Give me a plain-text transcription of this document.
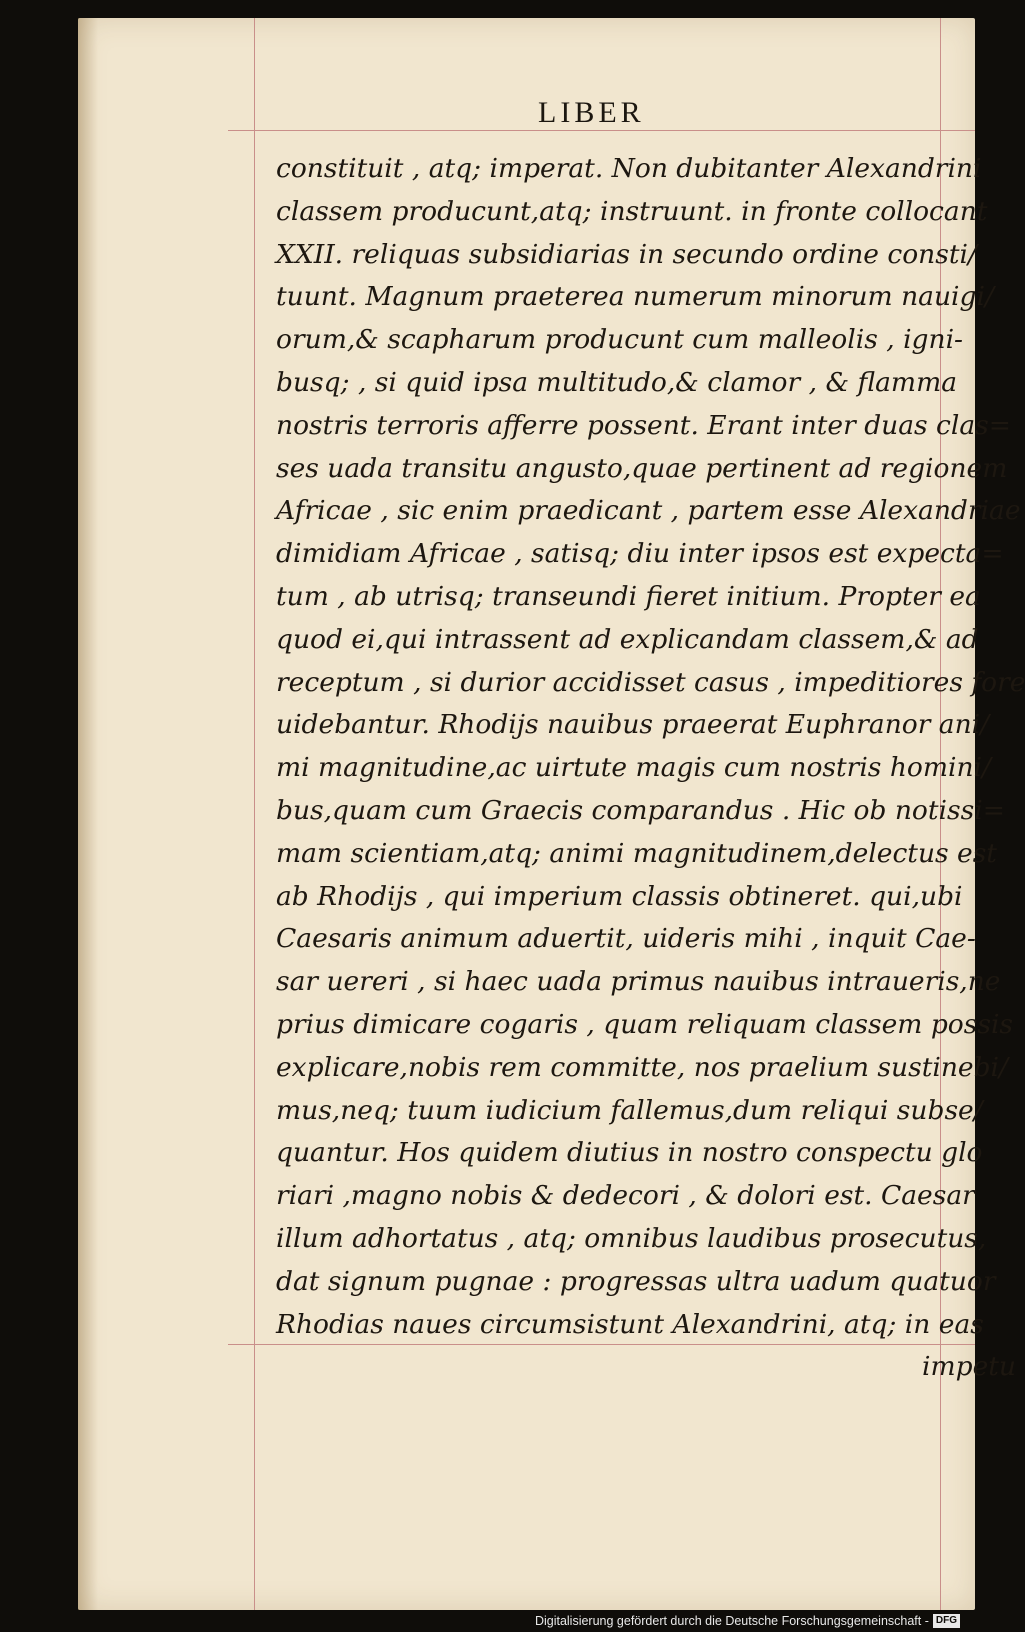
LIBER
constituit , atq; imperat. Non dubitanter Alexandrini
classem producunt,atq; instruunt. in fronte collocant
XXII. reliquas subsidiarias in secundo ordine consti/
tuunt. Magnum praeterea numerum minorum nauigi/
orum,& scapharum producunt cum malleolis , igni-
busq; , si quid ipsa multitudo,& clamor , & flamma
nostris terroris afferre possent. Erant inter duas clas=
ses uada transitu angusto,quae pertinent ad regionem
Africae , sic enim praedicant , partem esse Alexandriae
dimidiam Africae , satisq; diu inter ipsos est expecta=
tum , ab utrisq; transeundi fieret initium. Propter ea
quod ei,qui intrassent ad explicandam classem,& ad
receptum , si durior accidisset casus , impeditiores fore
uidebantur. Rhodijs nauibus praeerat Euphranor ani/
mi magnitudine,ac uirtute magis cum nostris homini/
bus,quam cum Graecis comparandus . Hic ob notissi=
mam scientiam,atq; animi magnitudinem,delectus est
ab Rhodijs , qui imperium classis obtineret. qui,ubi
Caesaris animum aduertit, uideris mihi , inquit Cae-
sar uereri , si haec uada primus nauibus intraueris,ne
prius dimicare cogaris , quam reliquam classem possis
explicare,nobis rem committe, nos praelium sustinebi/
mus,neq; tuum iudicium fallemus,dum reliqui subse/
quantur. Hos quidem diutius in nostro conspectu glo
riari ,magno nobis & dedecori , & dolori est. Caesar
illum adhortatus , atq; omnibus laudibus prosecutus,
dat signum pugnae : progressas ultra uadum quatuor
Rhodias naues circumsistunt Alexandrini, atq; in eas
impetu
Digitalisierung gefördert durch die Deutsche Forschungsgemeinschaft - DFG
